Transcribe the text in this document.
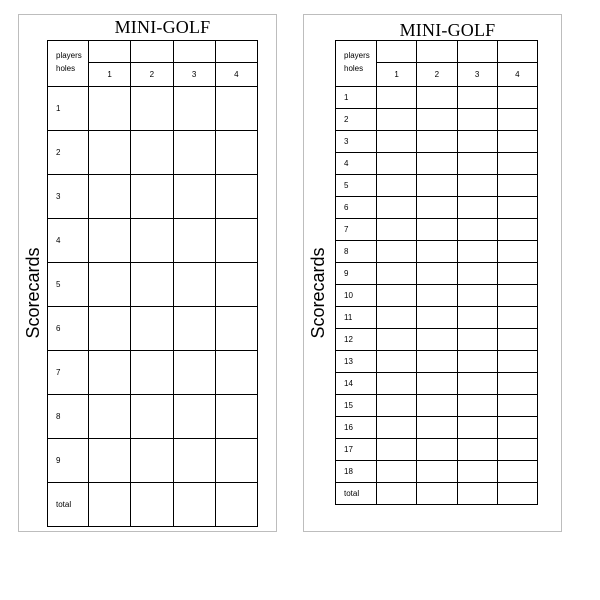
MINI-GOLF
Scorecards
players				
holes	1	2	3	4
1				
2				
3				
4				
5				
6				
7				
8				
9				
total				
MINI-GOLF
Scorecards
players				
holes	1	2	3	4
1				
2				
3				
4				
5				
6				
7				
8				
9				
10				
11				
12				
13				
14				
15				
16				
17				
18				
total				
